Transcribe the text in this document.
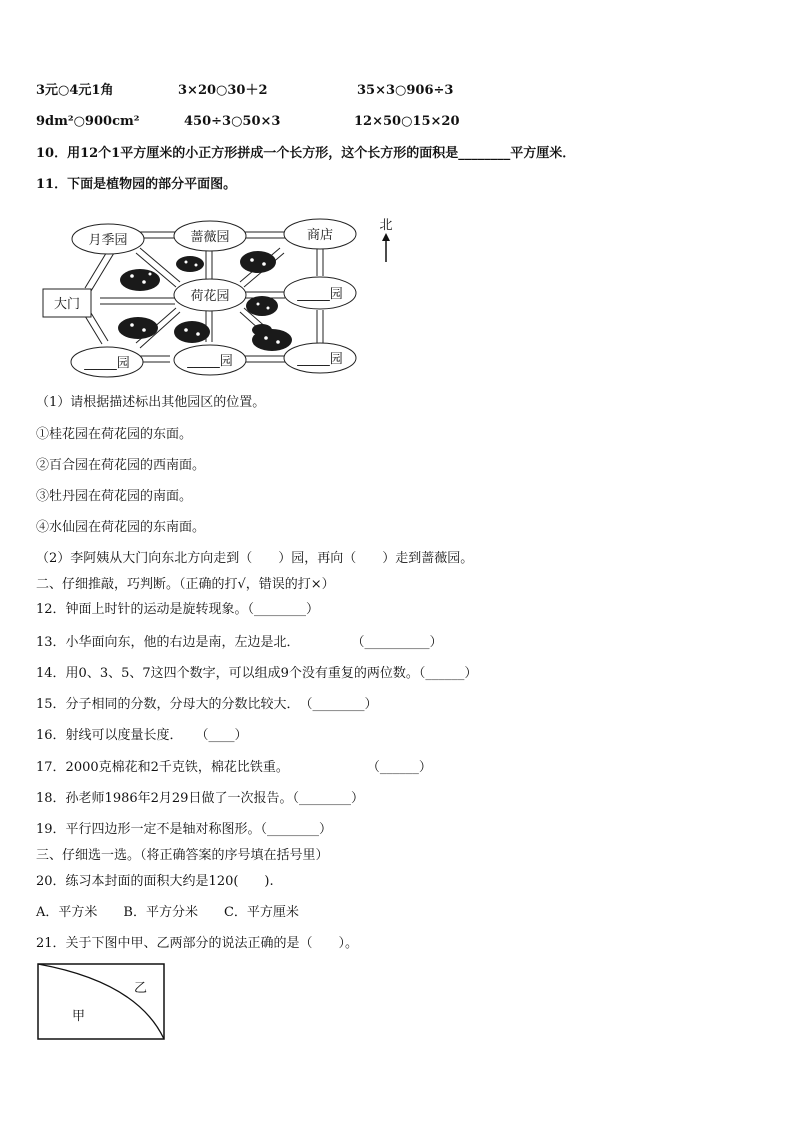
3元○4元1角	3×20○30＋2	35×3○906÷3
9dm²○900cm²	450÷3○50×3	12×50○15×20
10．用12个1平方厘米的小正方形拼成一个长方形，这个长方形的面积是________平方厘米．
11．下面是植物园的部分平面图。
月季园	蔷薇园	商店
荷花园	_____园
_____园	_____园	_____园
大门
北
（1）请根据描述标出其他园区的位置。
①桂花园在荷花园的东面。
②百合园在荷花园的西南面。
③牡丹园在荷花园的南面。
④水仙园在荷花园的东南面。
（2）李阿姨从大门向东北方向走到（　　）园，再向（　　）走到蔷薇园。
二、仔细推敲，巧判断。（正确的打√，错误的打×）
12．钟面上时针的运动是旋转现象。（________）
13．小华面向东，他的右边是南，左边是北．　　　　　（__________）
14．用0、3、5、7这四个数字，可以组成9个没有重复的两位数。（______）
15．分子相同的分数，分母大的分数比较大．　（________）
16．射线可以度量长度．　　（____）
17．2000克棉花和2千克铁，棉花比铁重。　　　　　　　（______）
18．孙老师1986年2月29日做了一次报告。（________）
19．平行四边形一定不是轴对称图形。（________）
三、仔细选一选。（将正确答案的序号填在括号里）
20．练习本封面的面积大约是120(　　).
A．平方米　　B．平方分米　　C．平方厘米
21．关于下图中甲、乙两部分的说法正确的是（　　）。
乙
甲
